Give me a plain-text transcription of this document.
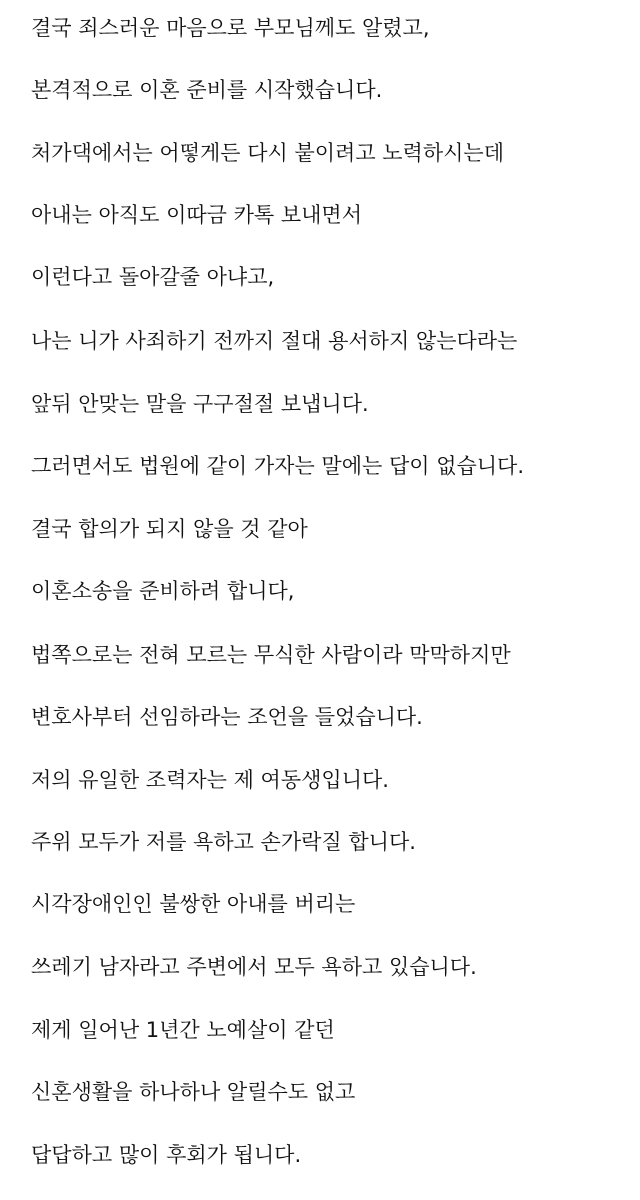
결국 죄스러운 마음으로 부모님께도 알렸고,

본격적으로 이혼 준비를 시작했습니다.

처가댁에서는 어떻게든 다시 붙이려고 노력하시는데

아내는 아직도 이따금 카톡 보내면서

이런다고 돌아갈줄 아냐고,

나는 니가 사죄하기 전까지 절대 용서하지 않는다라는

앞뒤 안맞는 말을 구구절절 보냅니다.

그러면서도 법원에 같이 가자는 말에는 답이 없습니다.

결국 합의가 되지 않을 것 같아

이혼소송을 준비하려 합니다,

법쪽으로는 전혀 모르는 무식한 사람이라 막막하지만

변호사부터 선임하라는 조언을 들었습니다.

저의 유일한 조력자는 제 여동생입니다.

주위 모두가 저를 욕하고 손가락질 합니다.

시각장애인인 불쌍한 아내를 버리는

쓰레기 남자라고 주변에서 모두 욕하고 있습니다.

제게 일어난 1년간 노예살이 같던

신혼생활을 하나하나 알릴수도 없고

답답하고 많이 후회가 됩니다.
